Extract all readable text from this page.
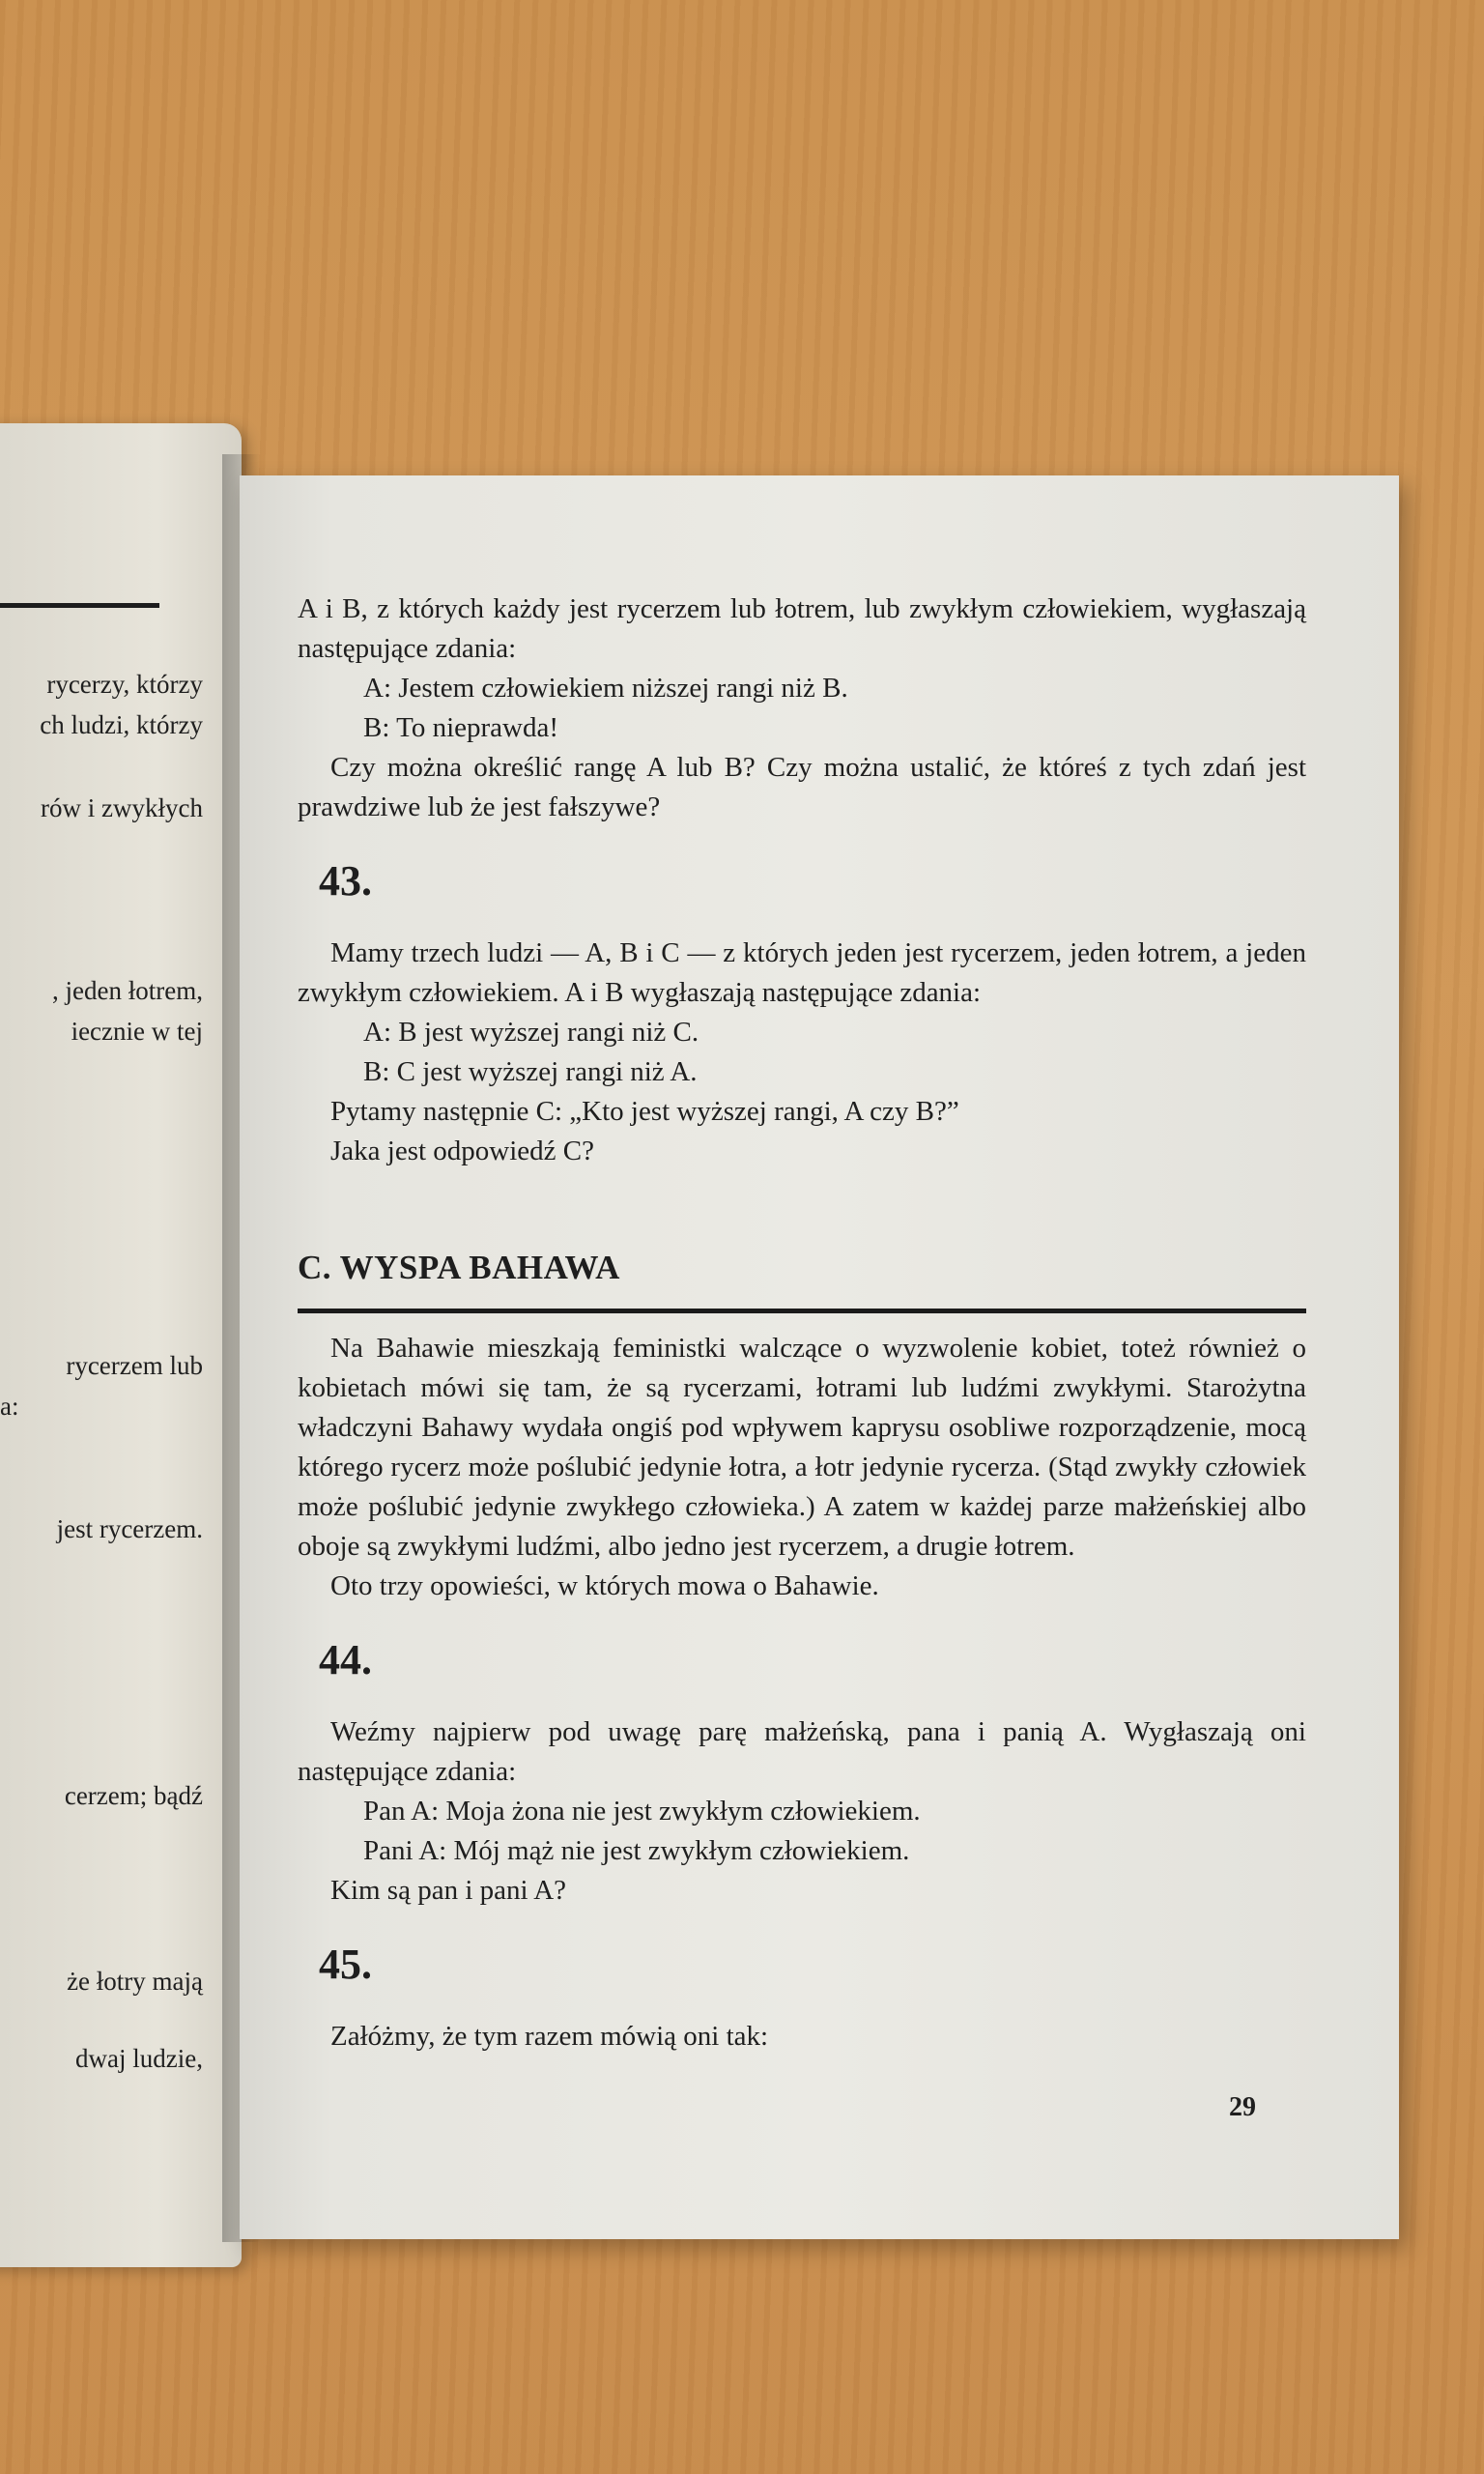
rycerzy, którzy
ch ludzi, którzy
rów i zwykłych
, jeden łotrem,
iecznie w tej
rycerzem lub
a:
jest rycerzem.
cerzem; bądź
że łotry mają
dwaj ludzie,

A i B, z których każdy jest rycerzem lub łotrem, lub zwykłym człowiekiem, wygłaszają następujące zdania:

A: Jestem człowiekiem niższej rangi niż B.

B: To nieprawda!

Czy można określić rangę A lub B? Czy można ustalić, że któreś z tych zdań jest prawdziwe lub że jest fałszywe?

43.

Mamy trzech ludzi — A, B i C — z których jeden jest rycerzem, jeden łotrem, a jeden zwykłym człowiekiem. A i B wygłaszają następujące zdania:

A: B jest wyższej rangi niż C.

B: C jest wyższej rangi niż A.

Pytamy następnie C: „Kto jest wyższej rangi, A czy B?”

Jaka jest odpowiedź C?

C. WYSPA BAHAWA

Na Bahawie mieszkają feministki walczące o wyzwolenie kobiet, toteż również o kobietach mówi się tam, że są rycerzami, łotrami lub ludźmi zwykłymi. Starożytna władczyni Bahawy wydała ongiś pod wpływem kaprysu osobliwe rozporządzenie, mocą którego rycerz może poślubić jedynie łotra, a łotr jedynie rycerza. (Stąd zwykły człowiek może poślubić jedynie zwykłego człowieka.) A zatem w każdej parze małżeńskiej albo oboje są zwykłymi ludźmi, albo jedno jest rycerzem, a drugie łotrem.

Oto trzy opowieści, w których mowa o Bahawie.

44.

Weźmy najpierw pod uwagę parę małżeńską, pana i panią A. Wygłaszają oni następujące zdania:

Pan A: Moja żona nie jest zwykłym człowiekiem.

Pani A: Mój mąż nie jest zwykłym człowiekiem.

Kim są pan i pani A?

45.

Załóżmy, że tym razem mówią oni tak:

29
